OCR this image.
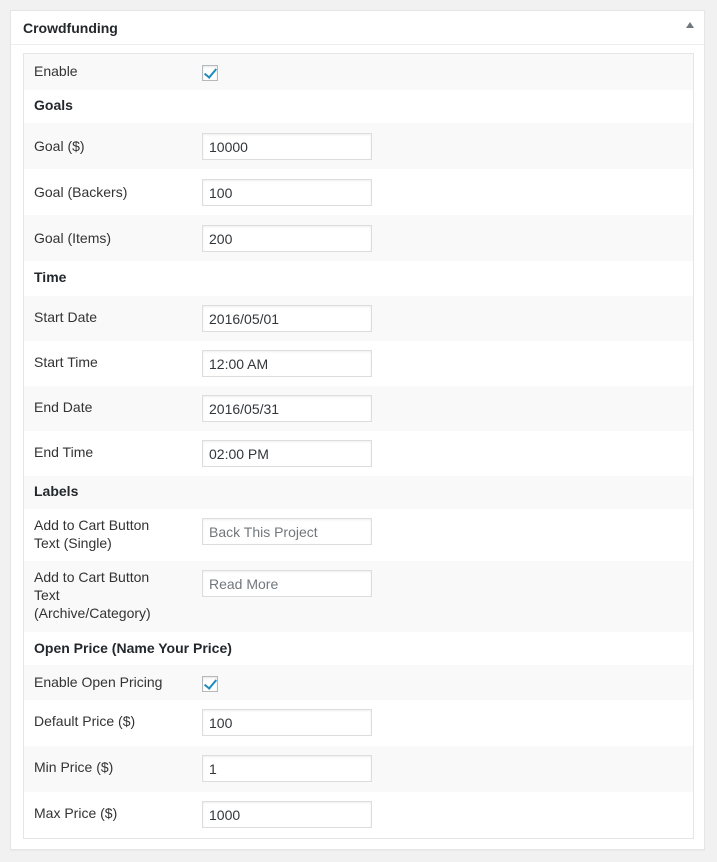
Crowdfunding
Enable
Goals
Goal ($)
10000
Goal (Backers)
100
Goal (Items)
200
Time
Start Date
2016/05/01
Start Time
12:00 AM
End Date
2016/05/31
End Time
02:00 PM
Labels
Add to Cart Button Text (Single)
Back This Project
Add to Cart Button Text (Archive/Category)
Read More
Open Price (Name Your Price)
Enable Open Pricing
Default Price ($)
100
Min Price ($)
1
Max Price ($)
1000
